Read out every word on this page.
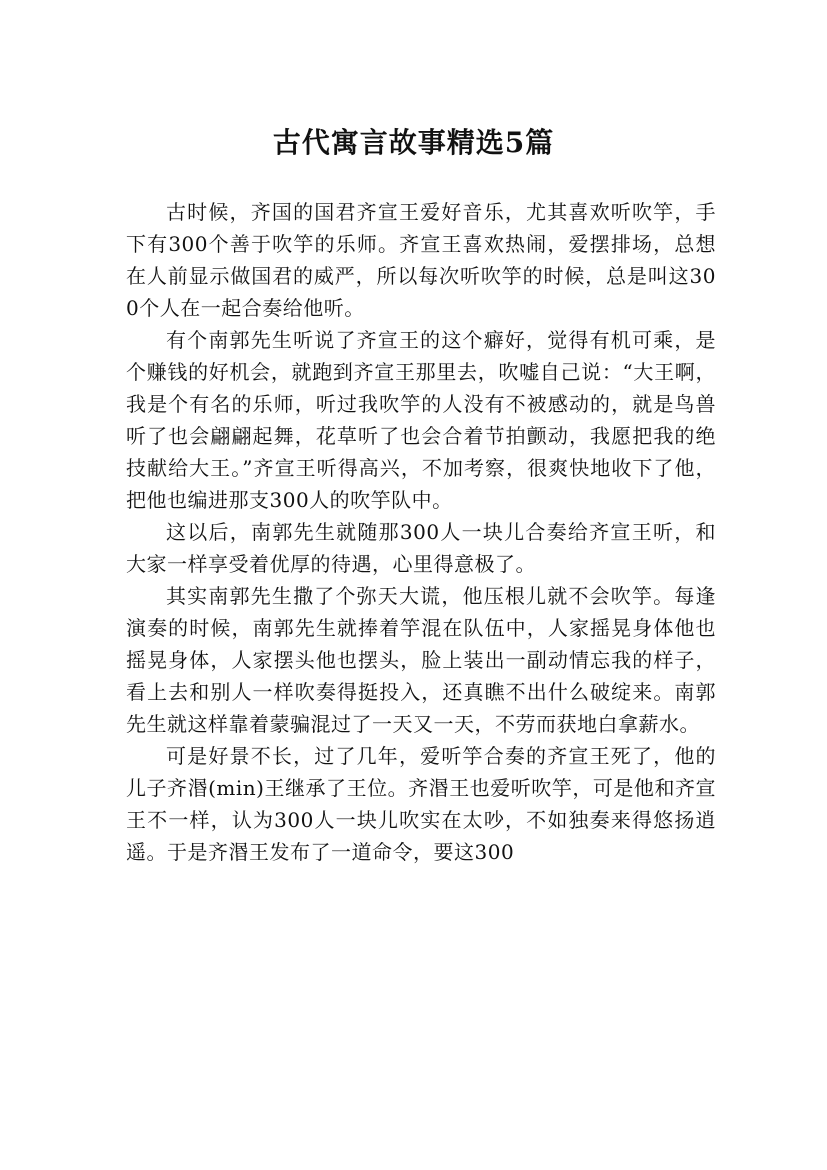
古代寓言故事精选5篇

古时候，齐国的国君齐宣王爱好音乐，尤其喜欢听吹竽，手下有300个善于吹竽的乐师。齐宣王喜欢热闹，爱摆排场，总想在人前显示做国君的威严，所以每次听吹竽的时候，总是叫这300个人在一起合奏给他听。

有个南郭先生听说了齐宣王的这个癖好，觉得有机可乘，是个赚钱的好机会，就跑到齐宣王那里去，吹嘘自己说：“大王啊，我是个有名的乐师，听过我吹竽的人没有不被感动的，就是鸟兽听了也会翩翩起舞，花草听了也会合着节拍颤动，我愿把我的绝技献给大王。”齐宣王听得高兴，不加考察，很爽快地收下了他，把他也编进那支300人的吹竽队中。

这以后，南郭先生就随那300人一块儿合奏给齐宣王听，和大家一样享受着优厚的待遇，心里得意极了。

其实南郭先生撒了个弥天大谎，他压根儿就不会吹竽。每逢演奏的时候，南郭先生就捧着竽混在队伍中，人家摇晃身体他也摇晃身体，人家摆头他也摆头，脸上装出一副动情忘我的样子，看上去和别人一样吹奏得挺投入，还真瞧不出什么破绽来。南郭先生就这样靠着蒙骗混过了一天又一天，不劳而获地白拿薪水。

可是好景不长，过了几年，爱听竽合奏的齐宣王死了，他的儿子齐湣(min)王继承了王位。齐湣王也爱听吹竽，可是他和齐宣王不一样，认为300人一块儿吹实在太吵，不如独奏来得悠扬逍遥。于是齐湣王发布了一道命令，要这300
